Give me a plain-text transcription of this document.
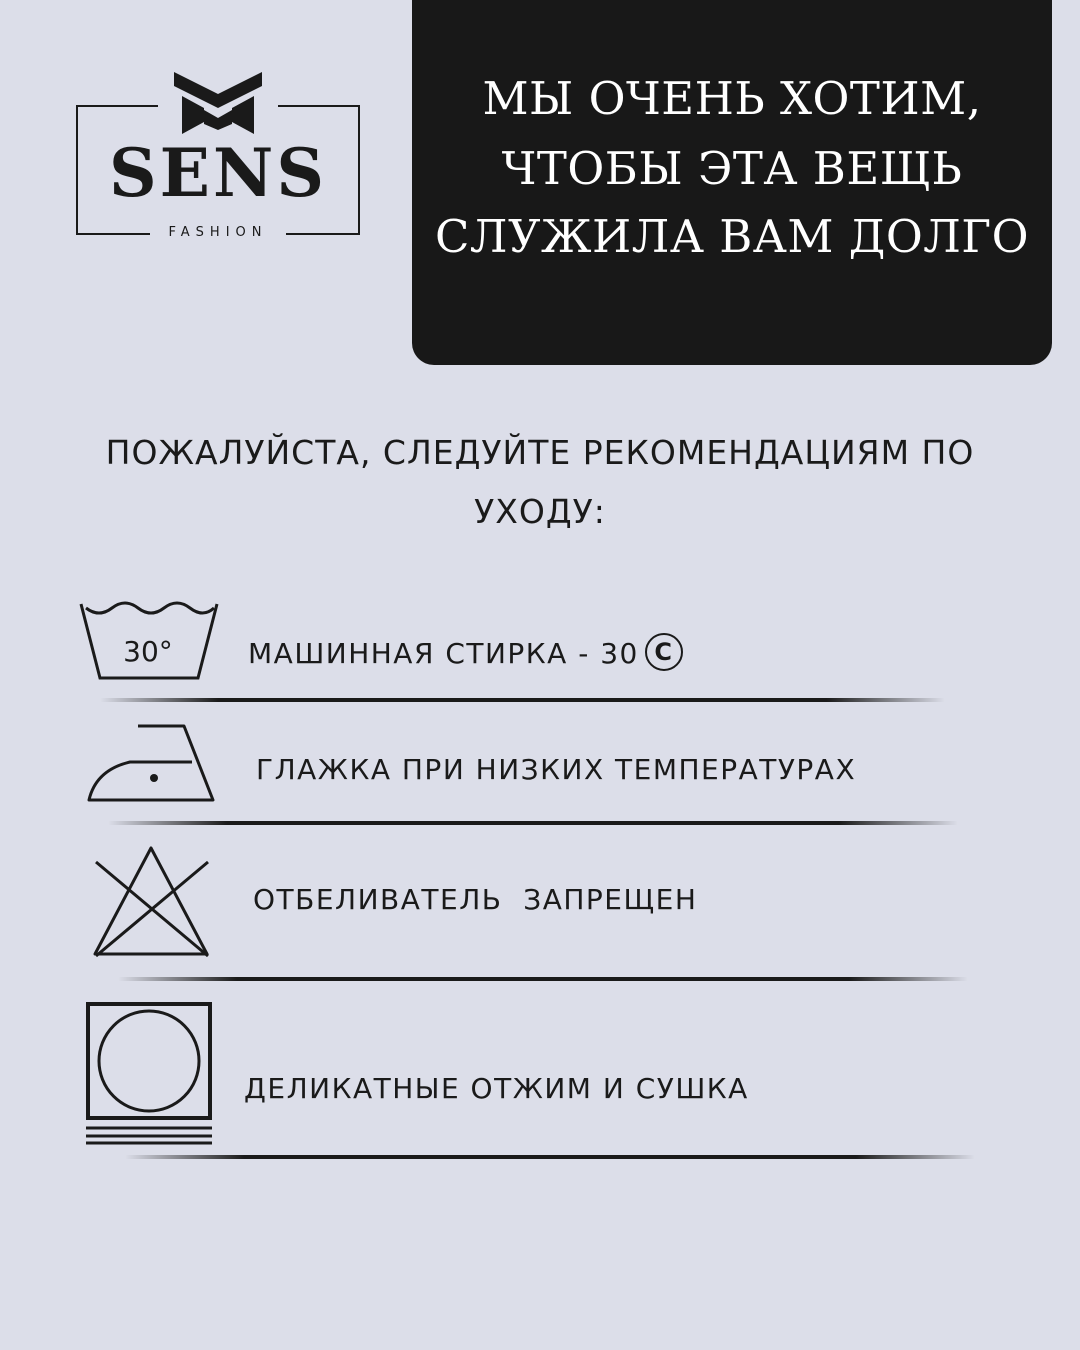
SENS
FASHION
МЫ ОЧЕНЬ ХОТИМ,
ЧТОБЫ ЭТА ВЕЩЬ
СЛУЖИЛА ВАМ ДОЛГО
ПОЖАЛУЙСТА, СЛЕДУЙТЕ РЕКОМЕНДАЦИЯМ ПО
УХОДУ:
30°	МАШИННАЯ СТИРКА - 30 C
ГЛАЖКА ПРИ НИЗКИХ ТЕМПЕРАТУРАХ
ОТБЕЛИВАТЕЛЬ  ЗАПРЕЩЕН
ДЕЛИКАТНЫЕ ОТЖИМ И СУШКА
